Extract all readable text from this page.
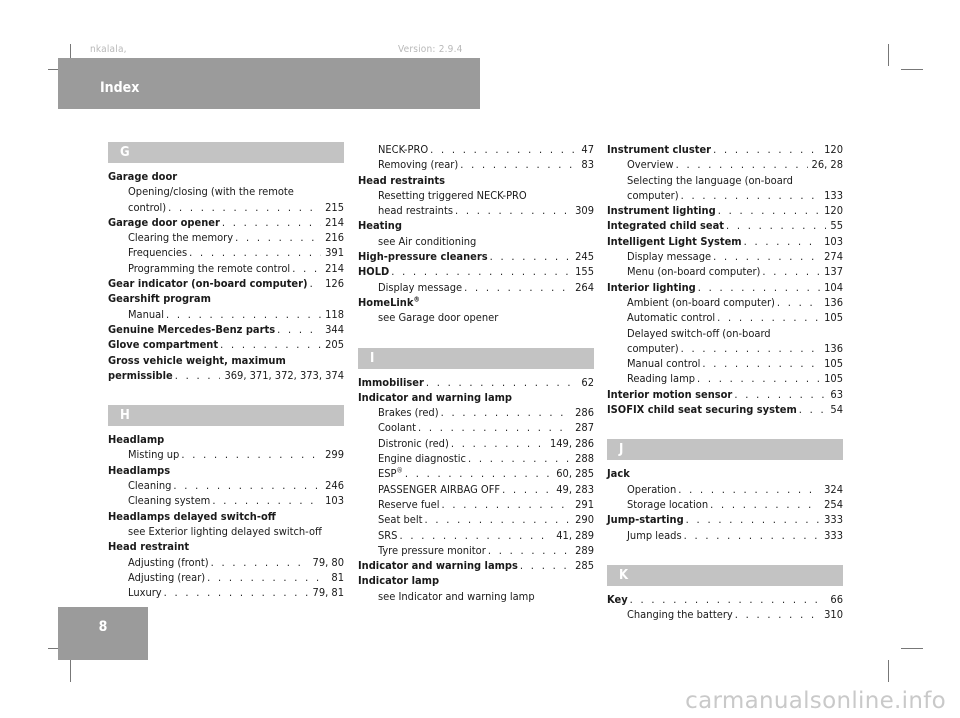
nkalala,	Version: 2.9.4
Index
G
Garage door
Opening/closing (with the remote
control) . . .	215
Garage door opener . . .	214
Clearing the memory . . .	216
Frequencies . . .	391
Programming the remote control . . .	214
Gear indicator (on-board computer) . . . 126
Gearshift program
Manual . . .	118
Genuine Mercedes-Benz parts . . .	344
Glove compartment . . .	205
Gross vehicle weight, maximum
permissible . . .	369, 371, 372, 373, 374
H
Headlamp
Misting up . . .	299
Headlamps
Cleaning . . .	246
Cleaning system . . .	103
Headlamps delayed switch-off
see Exterior lighting delayed switch-off
Head restraint
Adjusting (front) . . .	79, 80
Adjusting (rear) . . .	81
Luxury . . .	79, 81
NECK-PRO . . .	47
Removing (rear) . . .	83
Head restraints
Resetting triggered NECK-PRO
head restraints . . .	309
Heating
see Air conditioning
High-pressure cleaners . . .	245
HOLD . . .	155
Display message . . .	264
HomeLink®
see Garage door opener
I
Immobiliser . . .	62
Indicator and warning lamp
Brakes (red) . . .	286
Coolant . . .	287
Distronic (red) . . .	149, 286
Engine diagnostic . . .	288
ESP® . . .	60, 285
PASSENGER AIRBAG OFF . . .	49, 283
Reserve fuel . . .	291
Seat belt . . .	290
SRS . . .	41, 289
Tyre pressure monitor . . .	289
Indicator and warning lamps . . .	285
Indicator lamp
see Indicator and warning lamp
Instrument cluster . . .	120
Overview . . .	26, 28
Selecting the language (on-board
computer) . . .	133
Instrument lighting . . .	120
Integrated child seat . . .	55
Intelligent Light System . . .	103
Display message . . .	274
Menu (on-board computer) . . .	137
Interior lighting . . .	104
Ambient (on-board computer) . . .	136
Automatic control . . .	105
Delayed switch-off (on-board
computer) . . .	136
Manual control . . .	105
Reading lamp . . .	105
Interior motion sensor . . .	63
ISOFIX child seat securing system . . .	54
J
Jack
Operation . . .	324
Storage location . . .	254
Jump-starting . . .	333
Jump leads . . .	333
K
Key . . .	66
Changing the battery . . .	310
8
carmanualsonline.info
